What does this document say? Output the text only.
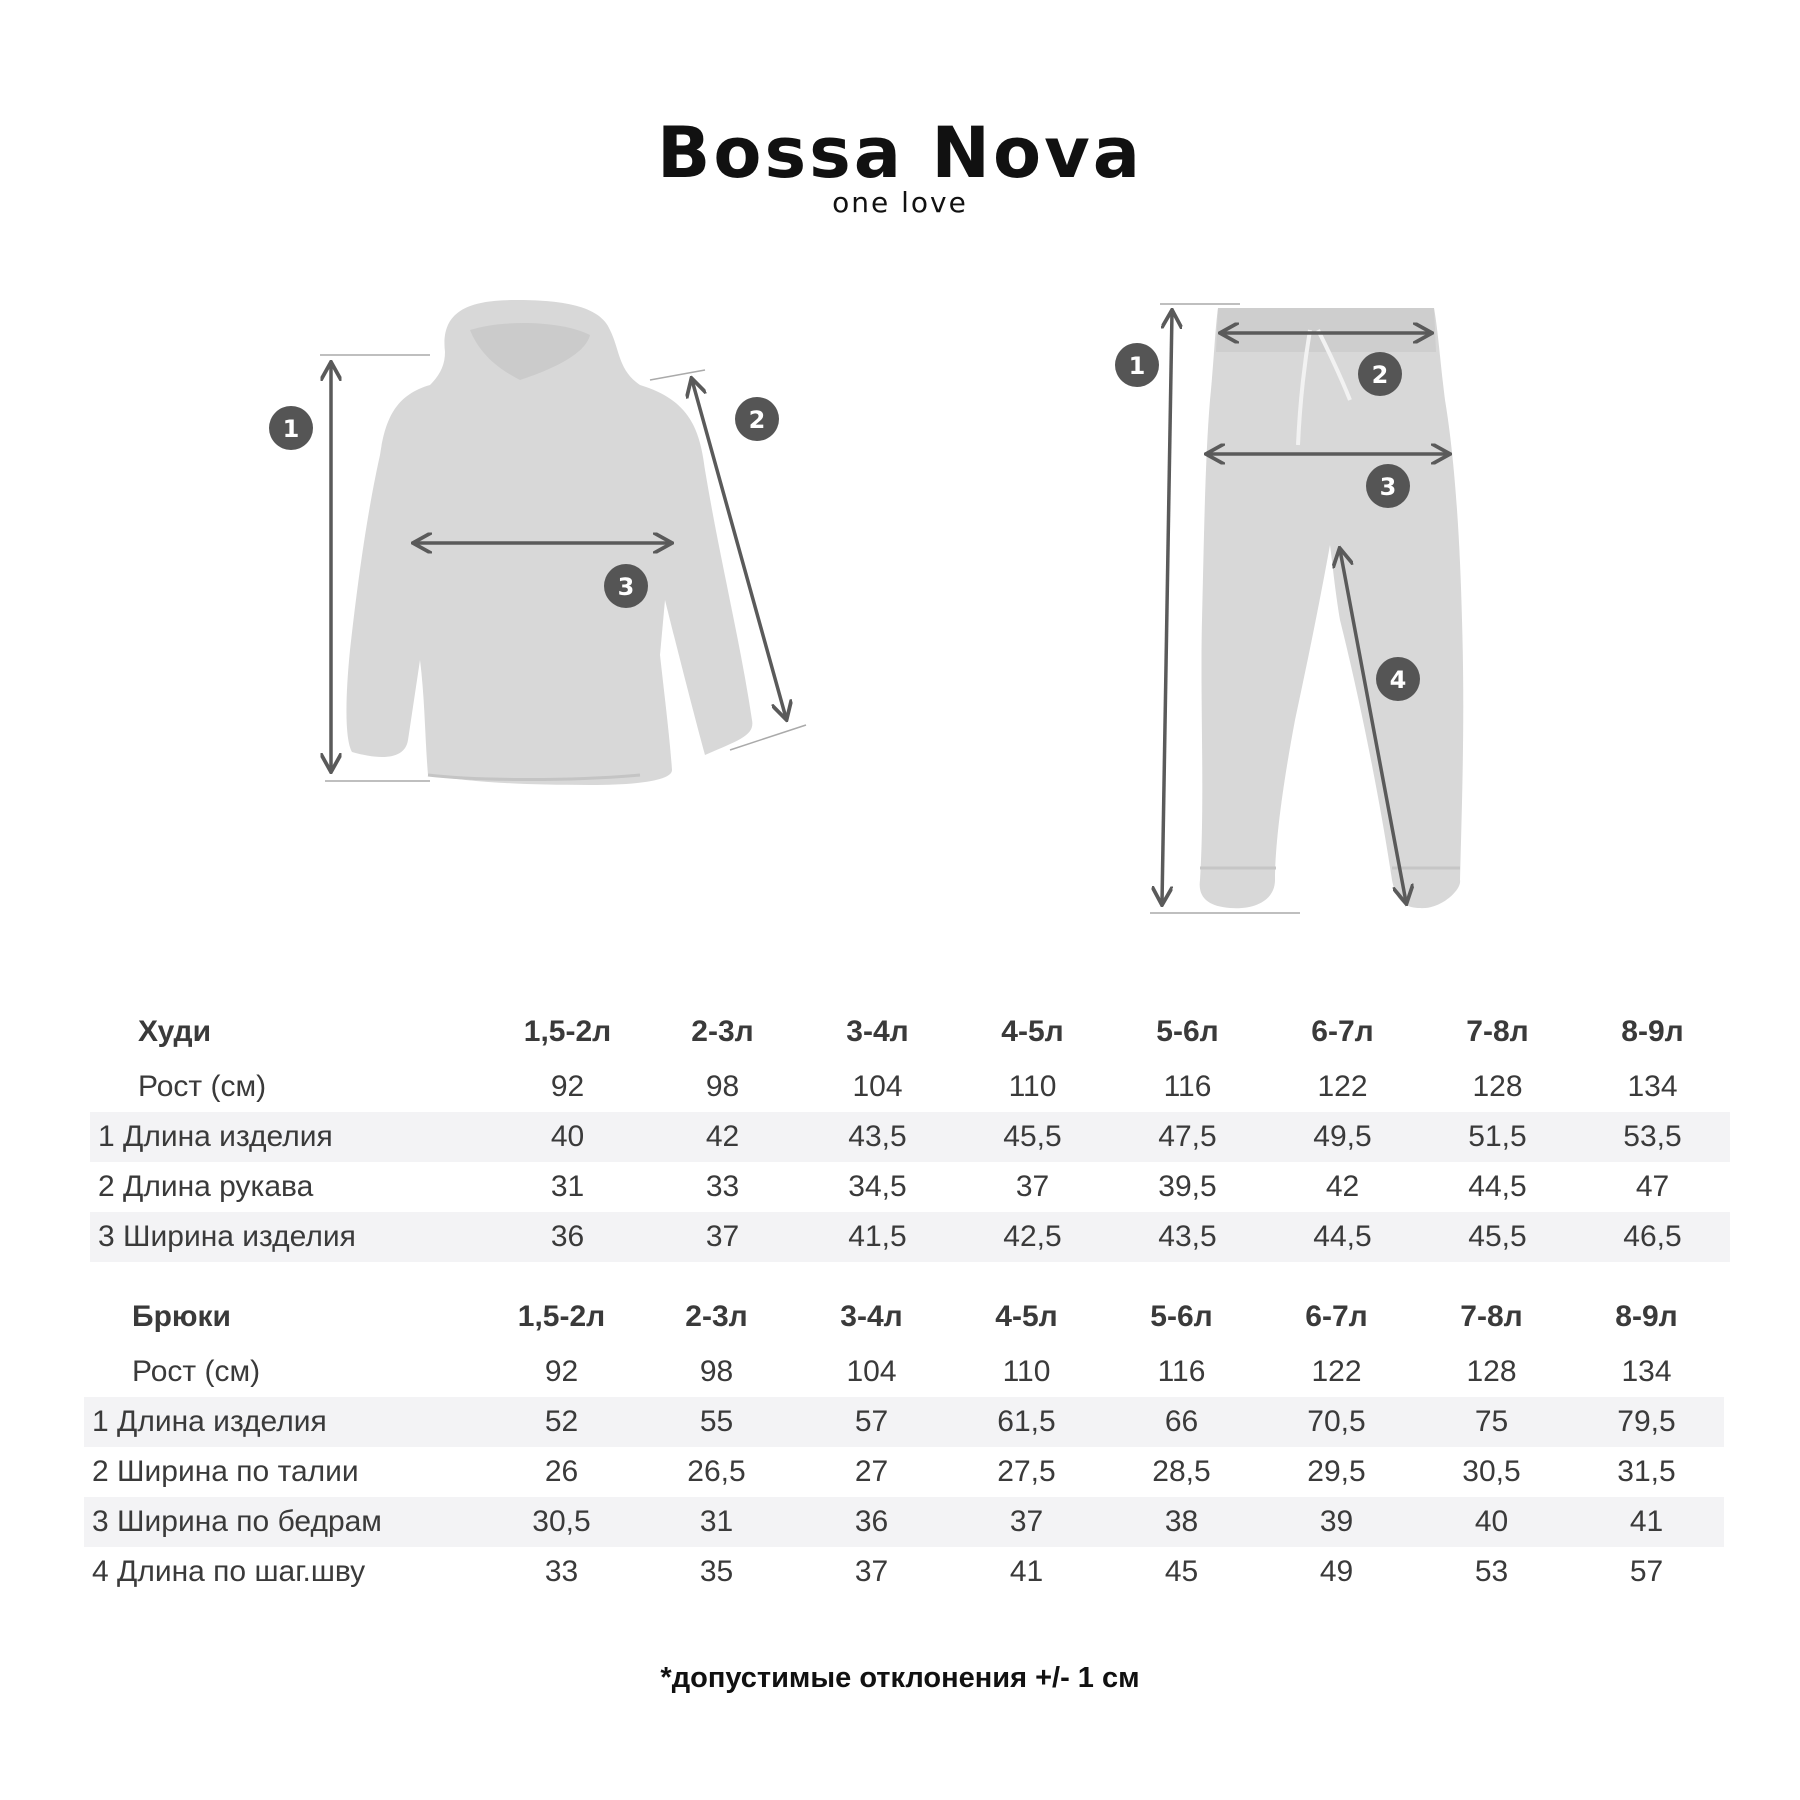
Bossa Nova
one love
1	2
3
1	2
3
4
Худи	1,5-2л	2-3л	3-4л	4-5л	5-6л	6-7л	7-8л	8-9л
Рост (см)	92	98	104	110	116	122	128	134
1 Длина изделия	40	42	43,5	45,5	47,5	49,5	51,5	53,5
2 Длина рукава	31	33	34,5	37	39,5	42	44,5	47
3 Ширина изделия	36	37	41,5	42,5	43,5	44,5	45,5	46,5
Брюки	1,5-2л	2-3л	3-4л	4-5л	5-6л	6-7л	7-8л	8-9л
Рост (см)	92	98	104	110	116	122	128	134
1 Длина изделия	52	55	57	61,5	66	70,5	75	79,5
2 Ширина по талии	26	26,5	27	27,5	28,5	29,5	30,5	31,5
3 Ширина по бедрам	30,5	31	36	37	38	39	40	41
4 Длина по шаг.шву	33	35	37	41	45	49	53	57
*допустимые отклонения +/- 1 см
